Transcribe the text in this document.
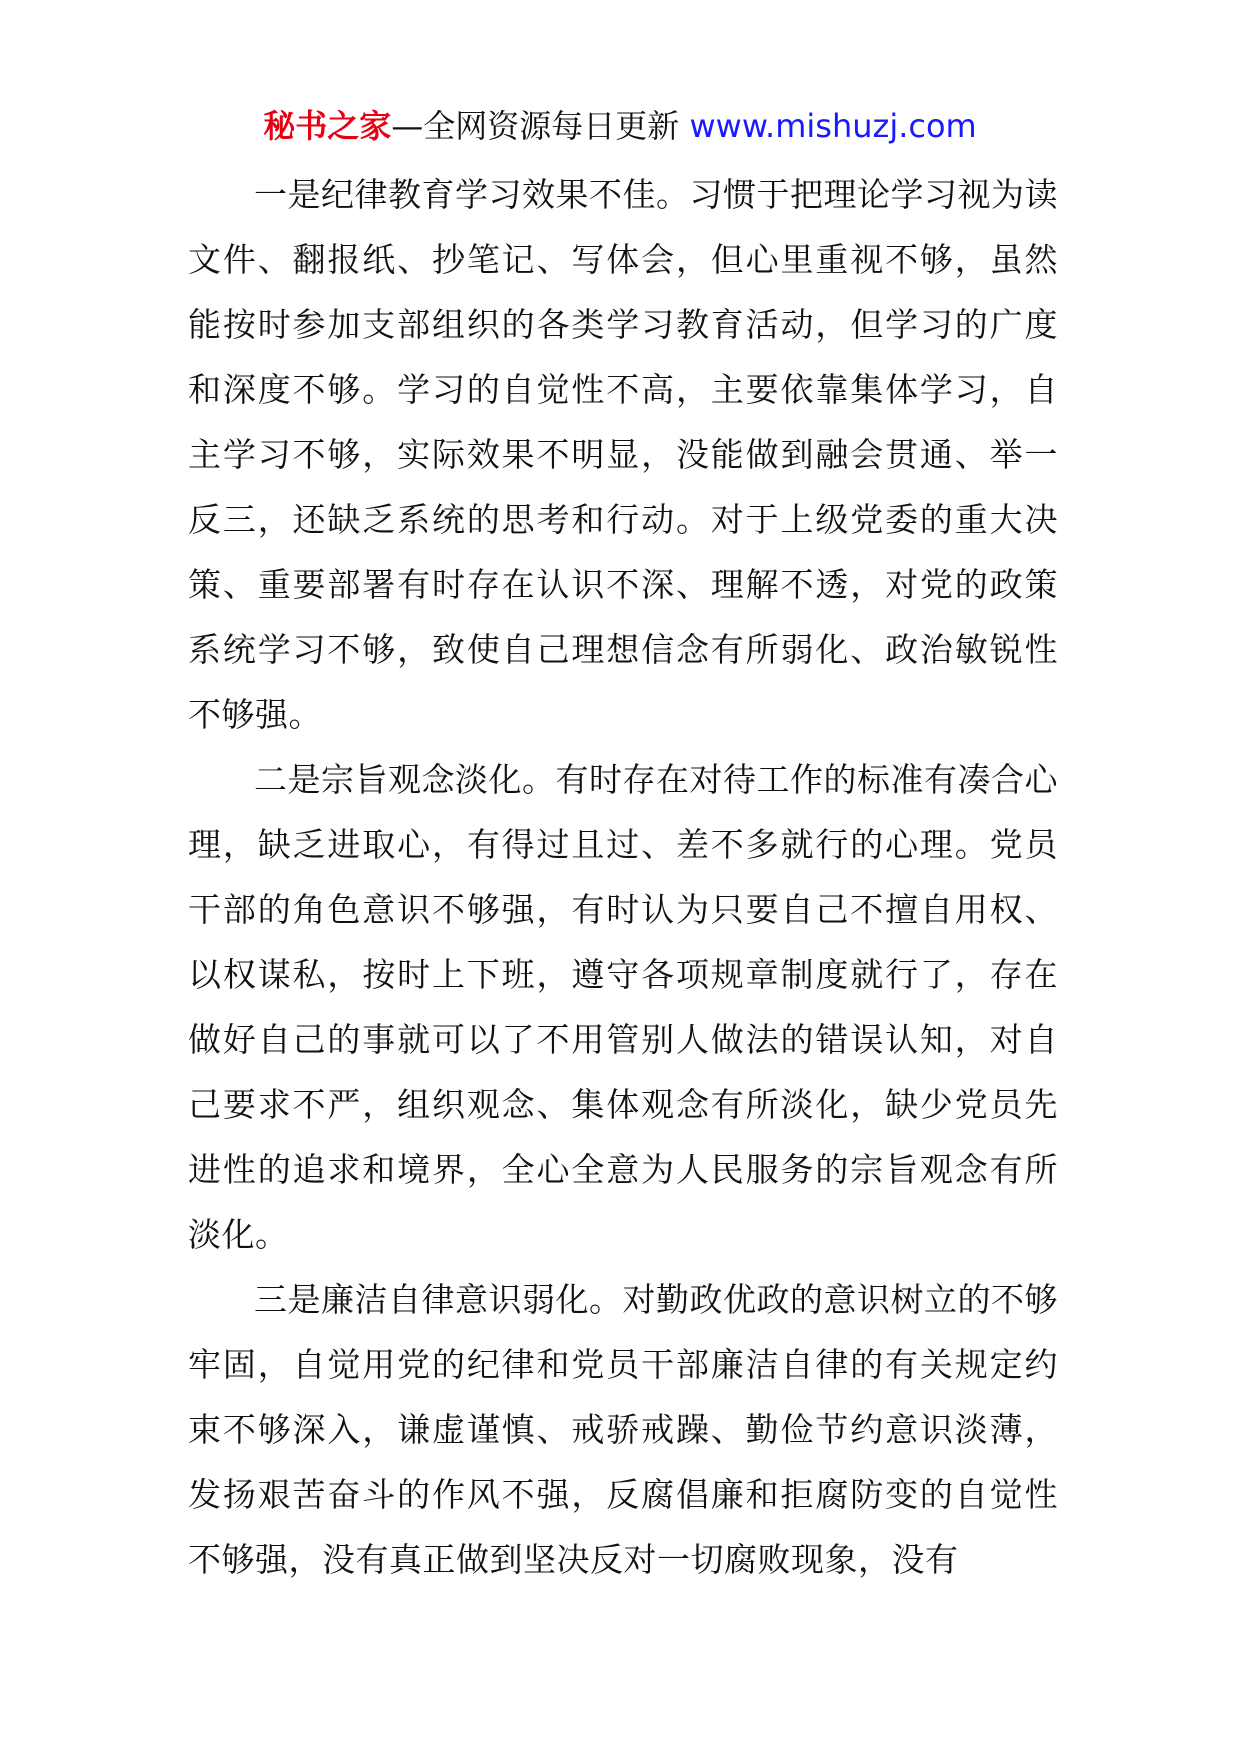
秘书之家—全网资源每日更新 www.mishuzj.com

一是纪律教育学习效果不佳。习惯于把理论学习视为读文件、翻报纸、抄笔记、写体会，但心里重视不够，虽然能按时参加支部组织的各类学习教育活动，但学习的广度和深度不够。学习的自觉性不高，主要依靠集体学习，自主学习不够，实际效果不明显，没能做到融会贯通、举一反三，还缺乏系统的思考和行动。对于上级党委的重大决策、重要部署有时存在认识不深、理解不透，对党的政策系统学习不够，致使自己理想信念有所弱化、政治敏锐性不够强。

二是宗旨观念淡化。有时存在对待工作的标准有凑合心理，缺乏进取心，有得过且过、差不多就行的心理。党员干部的角色意识不够强，有时认为只要自己不擅自用权、以权谋私，按时上下班，遵守各项规章制度就行了，存在做好自己的事就可以了不用管别人做法的错误认知，对自己要求不严，组织观念、集体观念有所淡化，缺少党员先进性的追求和境界，全心全意为人民服务的宗旨观念有所淡化。

三是廉洁自律意识弱化。对勤政优政的意识树立的不够牢固，自觉用党的纪律和党员干部廉洁自律的有关规定约束不够深入，谦虚谨慎、戒骄戒躁、勤俭节约意识淡薄，发扬艰苦奋斗的作风不强，反腐倡廉和拒腐防变的自觉性不够强，没有真正做到坚决反对一切腐败现象，没有
